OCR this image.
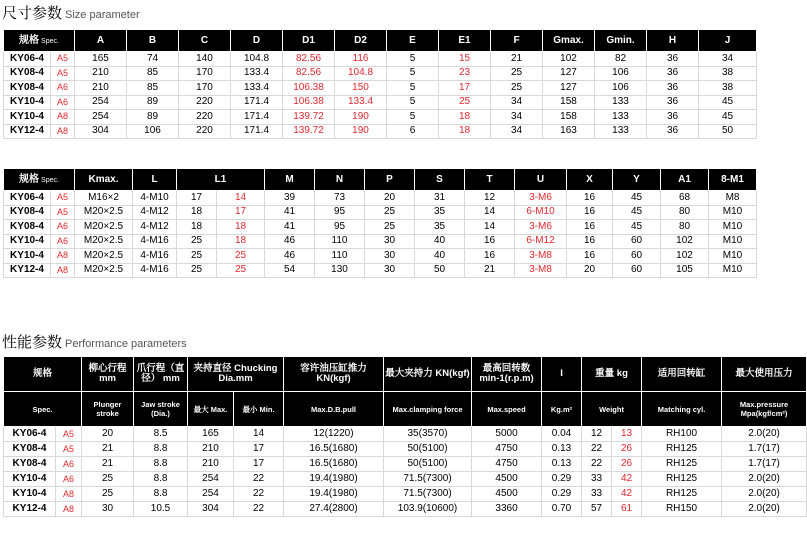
尺寸参数 Size parameter
规格 Spec.		A	B	C	D	D1	D2	E	E1	F	Gmax.	Gmin.	H	J
KY06-4	A5	165	74	140	104.8	82.56	116	5	15	21	102	82	36	34
KY08-4	A5	210	85	170	133.4	82.56	104.8	5	23	25	127	106	36	38
KY08-4	A6	210	85	170	133.4	106.38	150	5	17	25	127	106	36	38
KY10-4	A6	254	89	220	171.4	106.38	133.4	5	25	34	158	133	36	45
KY10-4	A8	254	89	220	171.4	139.72	190	5	18	34	158	133	36	45
KY12-4	A8	304	106	220	171.4	139.72	190	6	18	34	163	133	36	50
规格 Spec.		Kmax.	L	L1		M	N	P	S	T	U	X	Y	A1	8-M1
KY06-4	A5	M16×2	4-M10	17	14	39	73	20	31	12	3-M6	16	45	68	M8
KY08-4	A5	M20×2.5	4-M12	18	17	41	95	25	35	14	6-M10	16	45	80	M10
KY08-4	A6	M20×2.5	4-M12	18	18	41	95	25	35	14	3-M6	16	45	80	M10
KY10-4	A6	M20×2.5	4-M16	25	18	46	110	30	40	16	6-M12	16	60	102	M10
KY10-4	A8	M20×2.5	4-M16	25	25	46	110	30	40	16	3-M8	16	60	102	M10
KY12-4	A8	M20×2.5	4-M16	25	25	54	130	30	50	21	3-M8	20	60	105	M10
性能参数 Performance parameters
规格		柳心行程 mm	爪行程（直径） mm	夹持直径 Chucking Dia.mm		容许油压缸推力 KN(kgf)	最大夹持力 KN(kgf)	最高回转数 min-1(r.p.m)	I	重量 kg		适用回转缸	最大使用压力
Spec.		Plunger stroke	Jaw stroke (Dia.)	最大 Max.	最小 Min.	Max.D.B.pull	Max.clamping force	Max.speed	Kg.m²	Weight		Matching cyl.	Max.pressure Mpa(kgf/cm²)
KY06-4	A5	20	8.5	165	14	12(1220)	35(3570)	5000	0.04	12	13	RH100	2.0(20)
KY08-4	A5	21	8.8	210	17	16.5(1680)	50(5100)	4750	0.13	22	26	RH125	1.7(17)
KY08-4	A6	21	8.8	210	17	16.5(1680)	50(5100)	4750	0.13	22	26	RH125	1.7(17)
KY10-4	A6	25	8.8	254	22	19.4(1980)	71.5(7300)	4500	0.29	33	42	RH125	2.0(20)
KY10-4	A8	25	8.8	254	22	19.4(1980)	71.5(7300)	4500	0.29	33	42	RH125	2.0(20)
KY12-4	A8	30	10.5	304	22	27.4(2800)	103.9(10600)	3360	0.70	57	61	RH150	2.0(20)
